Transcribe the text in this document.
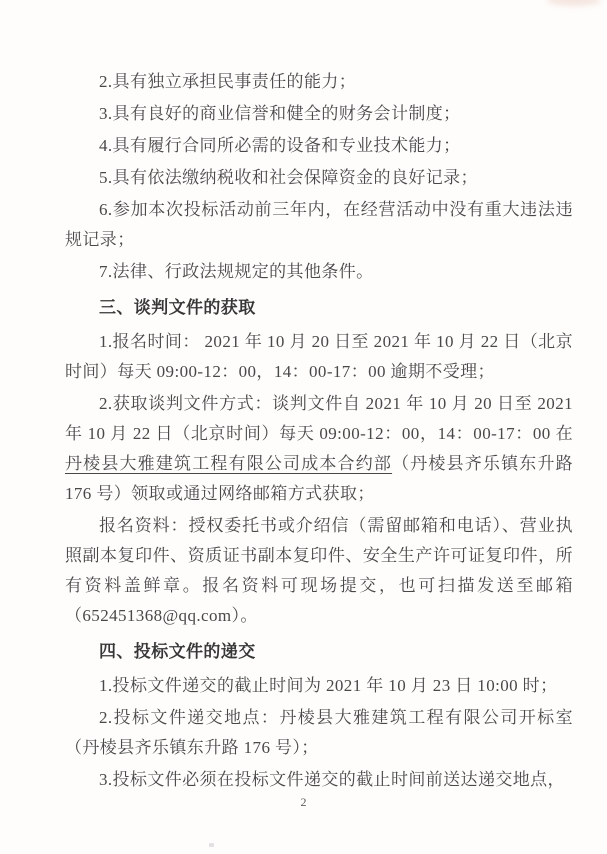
2.具有独立承担民事责任的能力；

3.具有良好的商业信誉和健全的财务会计制度；

4.具有履行合同所必需的设备和专业技术能力；

5.具有依法缴纳税收和社会保障资金的良好记录；

6.参加本次投标活动前三年内，在经营活动中没有重大违法违规记录；

7.法律、行政法规规定的其他条件。

三、谈判文件的获取

1.报名时间： 2021 年 10 月 20 日至 2021 年 10 月 22 日（北京时间）每天 09:00-12：00，14：00-17：00 逾期不受理；

2.获取谈判文件方式：谈判文件自 2021 年 10 月 20 日至 2021 年 10 月 22 日（北京时间）每天 09:00-12：00，14：00-17：00 在丹棱县大雅建筑工程有限公司成本合约部（丹棱县齐乐镇东升路 176 号）领取或通过网络邮箱方式获取；

报名资料：授权委托书或介绍信（需留邮箱和电话）、营业执照副本复印件、资质证书副本复印件、安全生产许可证复印件，所有资料盖鲜章。报名资料可现场提交，也可扫描发送至邮箱（652451368@qq.com）。

四、投标文件的递交

1.投标文件递交的截止时间为 2021 年 10 月 23 日 10:00 时；

2.投标文件递交地点：丹棱县大雅建筑工程有限公司开标室（丹棱县齐乐镇东升路 176 号）；

3.投标文件必须在投标文件递交的截止时间前送达递交地点，

2
